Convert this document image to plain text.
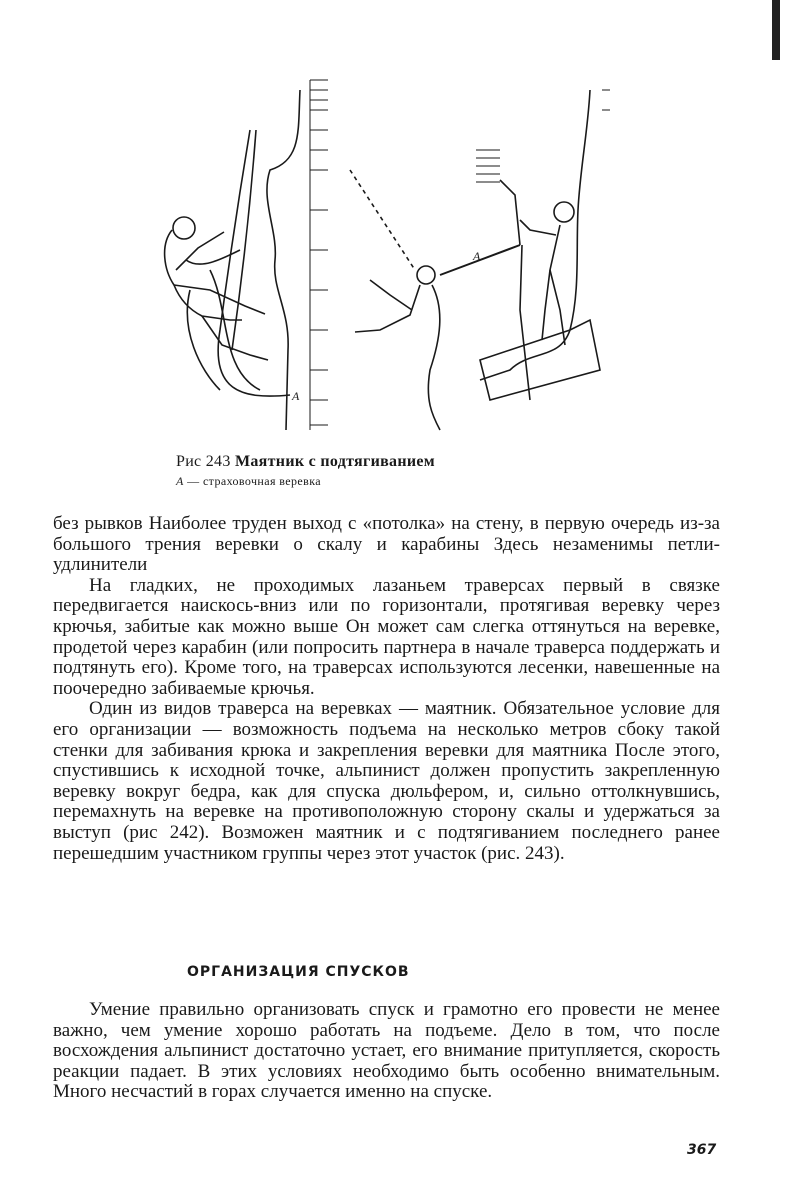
A
A
Рис 243 Маятник с подтягиванием
А — страховочная веревка

без рывков Наиболее труден выход с «потолка» на стену, в первую очередь из-за большого трения веревки о скалу и карабины Здесь незаменимы петли-удлинители

На гладких, не проходимых лазаньем траверсах первый в связке передвигается наискось-вниз или по горизонтали, протягивая веревку через крючья, забитые как можно выше Он может сам слегка оттянуться на веревке, продетой через карабин (или попросить партнера в начале траверса поддержать и подтянуть его). Кроме того, на траверсах используются лесенки, навешенные на поочередно забиваемые крючья.

Один из видов траверса на веревках — маятник. Обязательное условие для его организации — возможность подъема на несколько метров сбоку такой стенки для забивания крюка и закрепления веревки для маятника После этого, спустившись к исходной точке, альпинист должен пропустить закрепленную веревку вокруг бедра, как для спуска дюльфером, и, сильно оттолкнувшись, перемахнуть на веревке на противоположную сторону скалы и удержаться за выступ (рис 242). Возможен маятник и с подтягиванием последнего ранее перешедшим участником группы через этот участок (рис. 243).

ОРГАНИЗАЦИЯ СПУСКОВ

Умение правильно организовать спуск и грамотно его провести не менее важно, чем умение хорошо работать на подъеме. Дело в том, что после восхождения альпинист достаточно устает, его внимание притупляется, скорость реакции падает. В этих условиях необходимо быть особенно внимательным. Много несчастий в горах случается именно на спуске.

367
